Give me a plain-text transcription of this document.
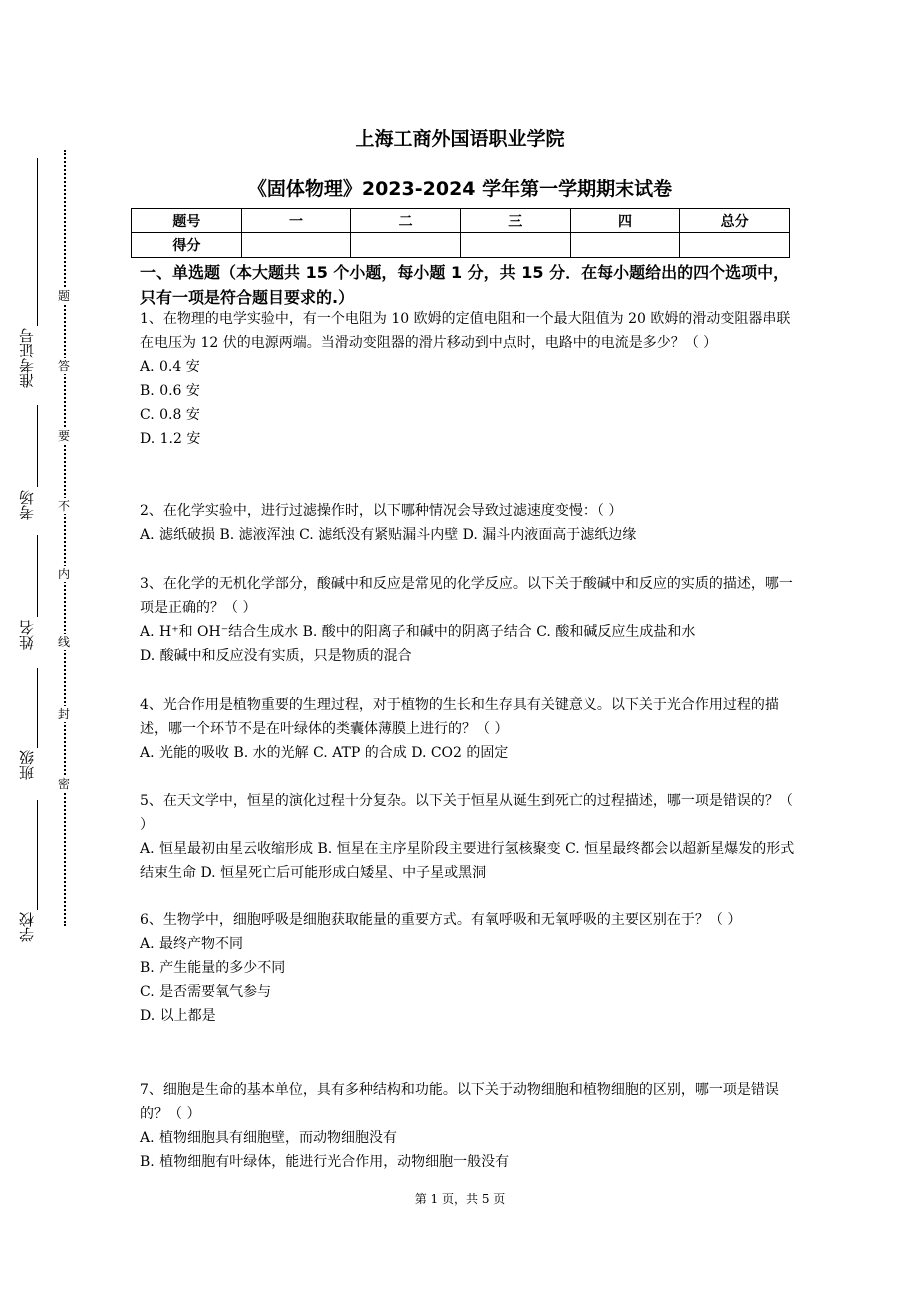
准考证号
考场
姓名
班级
学校
题
答
要
不
内
线
封
密
上海工商外国语职业学院
《固体物理》2023-2024 学年第一学期期末试卷
题号	一	二	三	四	总分
得分					
一、单选题（本大题共 15 个小题，每小题 1 分，共 15 分．在每小题给出的四个选项中，只有一项是符合题目要求的.）

1、在物理的电学实验中，有一个电阻为 10 欧姆的定值电阻和一个最大阻值为 20 欧姆的滑动变阻器串联在电压为 12 伏的电源两端。当滑动变阻器的滑片移动到中点时，电路中的电流是多少？（ ）

A. 0.4 安

B. 0.6 安

C. 0.8 安

D. 1.2 安

2、在化学实验中，进行过滤操作时，以下哪种情况会导致过滤速度变慢：（ ）

A. 滤纸破损 B. 滤液浑浊 C. 滤纸没有紧贴漏斗内壁 D. 漏斗内液面高于滤纸边缘

3、在化学的无机化学部分，酸碱中和反应是常见的化学反应。以下关于酸碱中和反应的实质的描述，哪一项是正确的？（ ）

A. H⁺和 OH⁻结合生成水 B. 酸中的阳离子和碱中的阴离子结合 C. 酸和碱反应生成盐和水

D. 酸碱中和反应没有实质，只是物质的混合

4、光合作用是植物重要的生理过程，对于植物的生长和生存具有关键意义。以下关于光合作用过程的描述，哪一个环节不是在叶绿体的类囊体薄膜上进行的？（ ）

A. 光能的吸收 B. 水的光解 C. ATP 的合成 D. CO2 的固定

5、在天文学中，恒星的演化过程十分复杂。以下关于恒星从诞生到死亡的过程描述，哪一项是错误的？（ ）

A. 恒星最初由星云收缩形成 B. 恒星在主序星阶段主要进行氢核聚变 C. 恒星最终都会以超新星爆发的形式结束生命 D. 恒星死亡后可能形成白矮星、中子星或黑洞

6、生物学中，细胞呼吸是细胞获取能量的重要方式。有氧呼吸和无氧呼吸的主要区别在于？（ ）

A. 最终产物不同

B. 产生能量的多少不同

C. 是否需要氧气参与

D. 以上都是

7、细胞是生命的基本单位，具有多种结构和功能。以下关于动物细胞和植物细胞的区别，哪一项是错误的？（ ）

A. 植物细胞具有细胞壁，而动物细胞没有

B. 植物细胞有叶绿体，能进行光合作用，动物细胞一般没有

第 1 页，共 5 页
